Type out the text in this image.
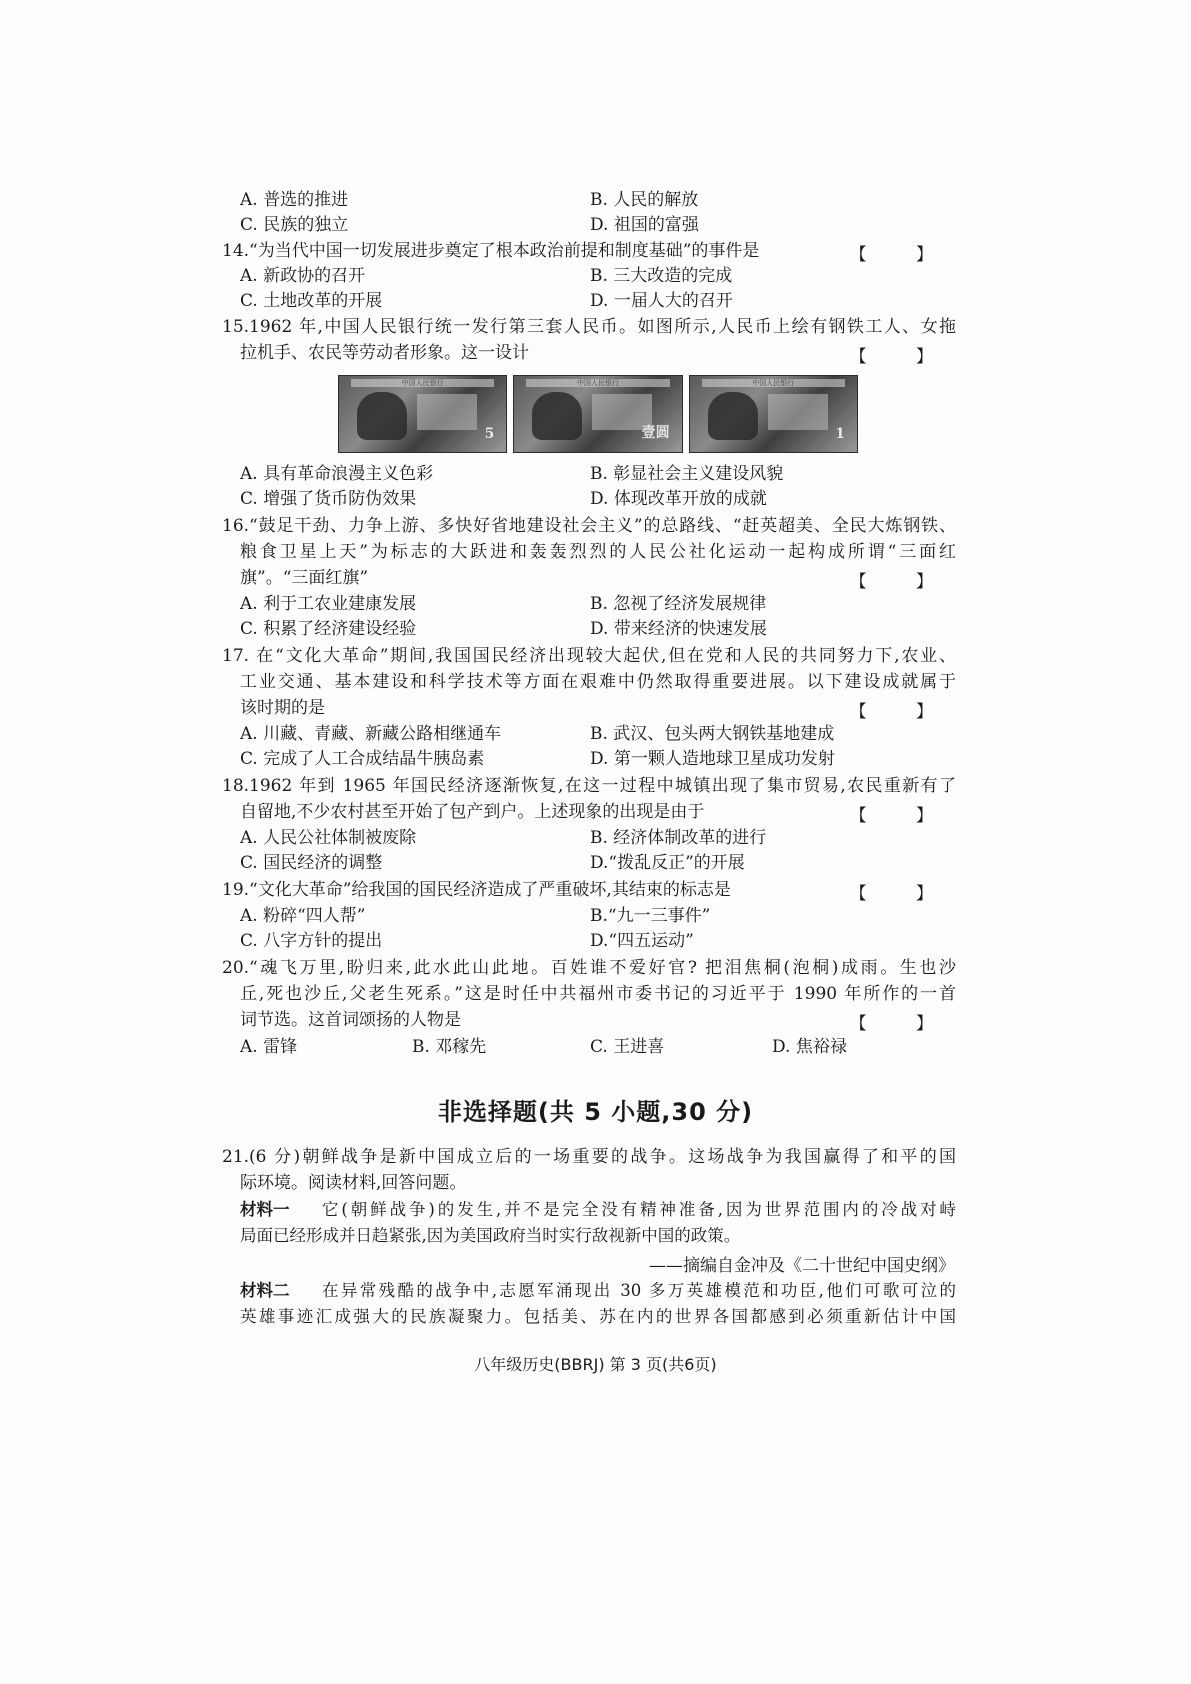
A. 普选的推进	B. 人民的解放
C. 民族的独立	D. 祖国的富强
14.“为当代中国一切发展进步奠定了根本政治前提和制度基础”的事件是	【 】
A. 新政协的召开	B. 三大改造的完成
C. 土地改革的开展	D. 一届人大的召开
15.1962 年,中国人民银行统一发行第三套人民币。如图所示,人民币上绘有钢铁工人、女拖
拉机手、农民等劳动者形象。这一设计	【 】
中国人民银行
5
中国人民银行
壹圆
中国人民银行
1
A. 具有革命浪漫主义色彩	B. 彰显社会主义建设风貌
C. 增强了货币防伪效果	D. 体现改革开放的成就
16.“鼓足干劲、力争上游、多快好省地建设社会主义”的总路线、“赶英超美、全民大炼钢铁、
粮食卫星上天”为标志的大跃进和轰轰烈烈的人民公社化运动一起构成所谓“三面红
旗”。“三面红旗”	【 】
A. 利于工农业建康发展	B. 忽视了经济发展规律
C. 积累了经济建设经验	D. 带来经济的快速发展
17. 在“文化大革命”期间,我国国民经济出现较大起伏,但在党和人民的共同努力下,农业、
工业交通、基本建设和科学技术等方面在艰难中仍然取得重要进展。以下建设成就属于
该时期的是	【 】
A. 川藏、青藏、新藏公路相继通车	B. 武汉、包头两大钢铁基地建成
C. 完成了人工合成结晶牛胰岛素	D. 第一颗人造地球卫星成功发射
18.1962 年到 1965 年国民经济逐渐恢复,在这一过程中城镇出现了集市贸易,农民重新有了
自留地,不少农村甚至开始了包产到户。上述现象的出现是由于	【 】
A. 人民公社体制被废除	B. 经济体制改革的进行
C. 国民经济的调整	D.“拨乱反正”的开展
19.“文化大革命”给我国的国民经济造成了严重破坏,其结束的标志是	【 】
A. 粉碎“四人帮”	B.“九一三事件”
C. 八字方针的提出	D.“四五运动”
20.“魂飞万里,盼归来,此水此山此地。百姓谁不爱好官? 把泪焦桐(泡桐)成雨。生也沙
丘,死也沙丘,父老生死系。”这是时任中共福州市委书记的习近平于 1990 年所作的一首
词节选。这首词颂扬的人物是	【 】
A. 雷锋	B. 邓稼先	C. 王进喜	D. 焦裕禄
非选择题(共 5 小题,30 分)
21.(6 分)朝鲜战争是新中国成立后的一场重要的战争。这场战争为我国赢得了和平的国
际环境。阅读材料,回答问题。
材料一 它(朝鲜战争)的发生,并不是完全没有精神准备,因为世界范围内的冷战对峙
局面已经形成并日趋紧张,因为美国政府当时实行敌视新中国的政策。
——摘编自金冲及《二十世纪中国史纲》
材料二 在异常残酷的战争中,志愿军涌现出 30 多万英雄模范和功臣,他们可歌可泣的
英雄事迹汇成强大的民族凝聚力。包括美、苏在内的世界各国都感到必须重新估计中国
八年级历史(BBRJ) 第 3 页(共6页)
